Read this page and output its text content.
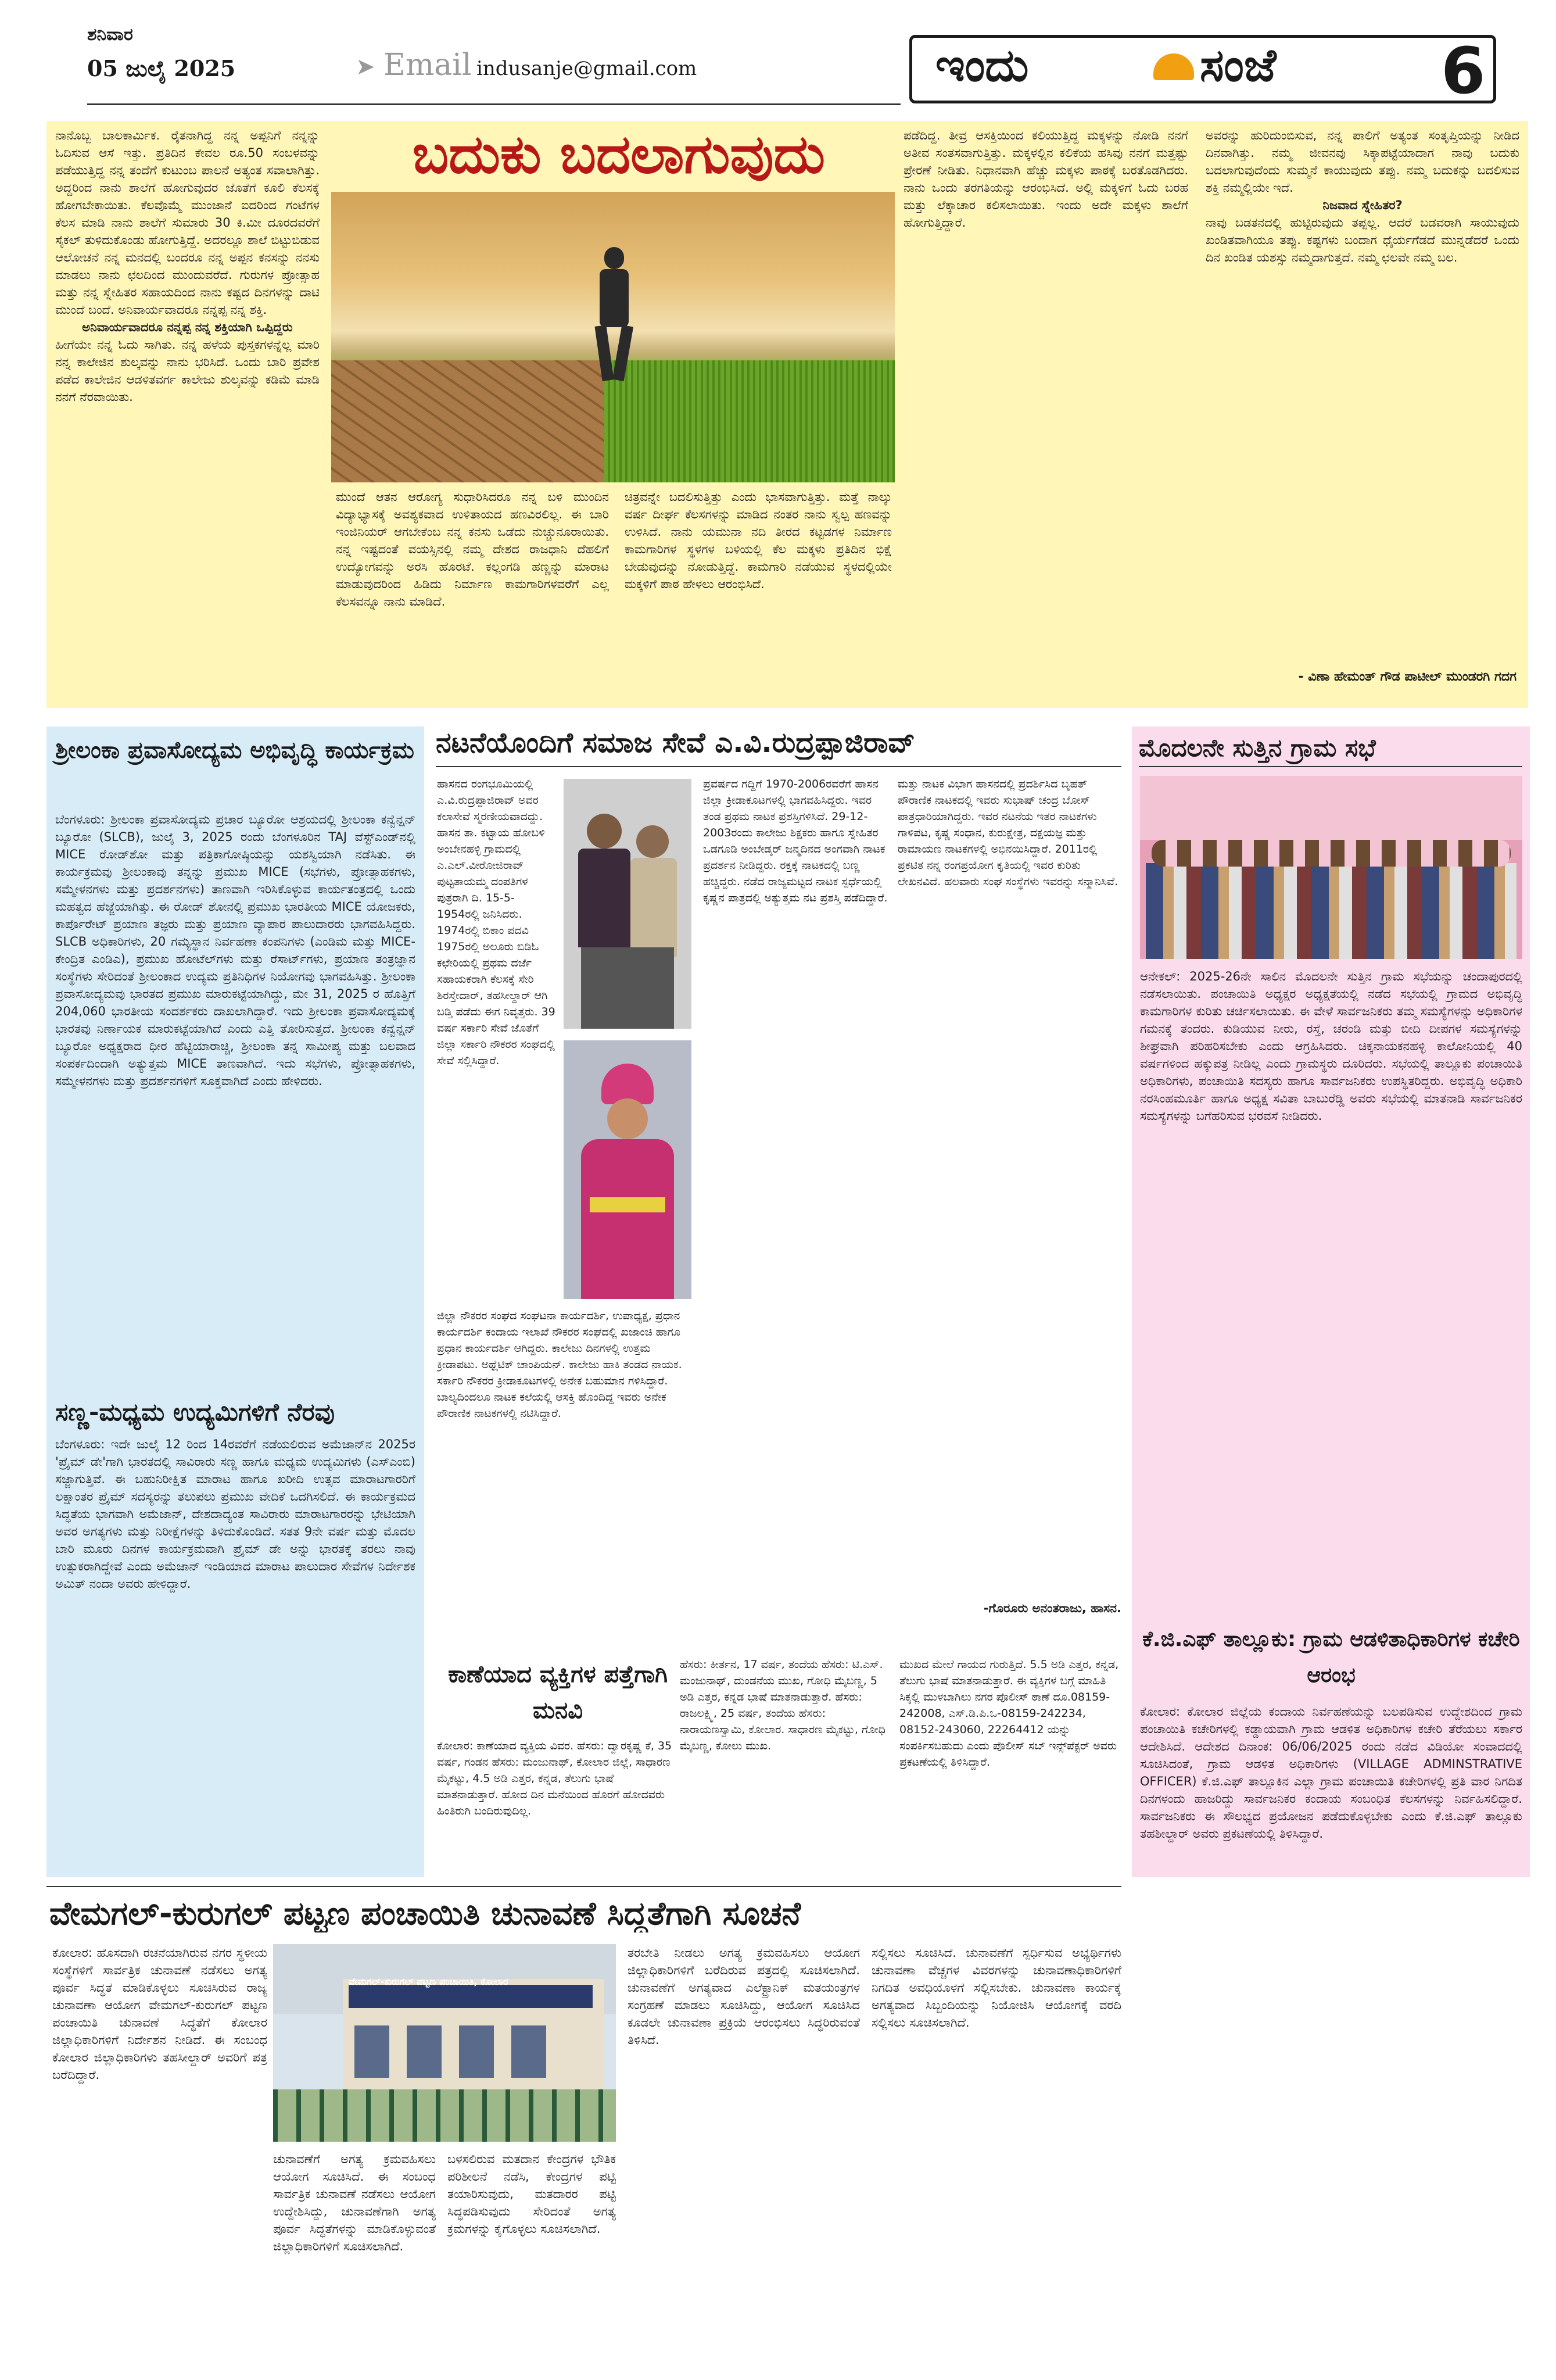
ಶನಿವಾರ
05 ಜುಲೈ 2025	➤ Email indusanje@gmail.com	ಇಂದು	ಸಂಜೆ	6
ನಾನೊಬ್ಬ ಬಾಲಕಾರ್ಮಿಕ. ರೈತನಾಗಿದ್ದ ನನ್ನ ಅಪ್ಪನಿಗೆ ನನ್ನನ್ನು ಓದಿಸುವ ಆಸೆ ಇತ್ತು. ಪ್ರತಿದಿನ ಕೇವಲ ರೂ.50 ಸಂಬಳವನ್ನು ಪಡೆಯುತ್ತಿದ್ದ ನನ್ನ ತಂದೆಗೆ ಕುಟುಂಬ ಪಾಲನೆ ಅತ್ಯಂತ ಸವಾಲಾಗಿತ್ತು. ಅದ್ದರಿಂದ ನಾನು ಶಾಲೆಗೆ ಹೋಗುವುದರ ಜೊತೆಗೆ ಕೂಲಿ ಕೆಲಸಕ್ಕೆ ಹೋಗಬೇಕಾಯಿತು. ಕೆಲವೊಮ್ಮೆ ಮುಂಜಾನೆ ಐದರಿಂದ ಗಂಟೆಗಳ ಕೆಲಸ ಮಾಡಿ ನಾನು ಶಾಲೆಗೆ ಸುಮಾರು 30 ಕಿ.ಮೀ ದೂರದವರೆಗೆ ಸೈಕಲ್ ತುಳಿದುಕೊಂಡು ಹೋಗುತ್ತಿದ್ದೆ. ಅದರಲ್ಲೂ ಶಾಲೆ ಬಿಟ್ಟುಬಿಡುವ ಆಲೋಚನೆ ನನ್ನ ಮನದಲ್ಲಿ ಬಂದರೂ ನನ್ನ ಅಪ್ಪನ ಕನಸನ್ನು ನನಸು ಮಾಡಲು ನಾನು ಛಲದಿಂದ ಮುಂದುವರೆದೆ. ಗುರುಗಳ ಪ್ರೋತ್ಸಾಹ ಮತ್ತು ನನ್ನ ಸ್ನೇಹಿತರ ಸಹಾಯದಿಂದ ನಾನು ಕಷ್ಟದ ದಿನಗಳನ್ನು ದಾಟಿ ಮುಂದೆ ಬಂದೆ. ಅನಿವಾರ್ಯವಾದರೂ ನನ್ನಪ್ಪ ನನ್ನ ಶಕ್ತಿ.

ಅನಿವಾರ್ಯವಾದರೂ ನನ್ನಪ್ಪ ನನ್ನ ಶಕ್ತಿಯಾಗಿ ಒಪ್ಪಿದ್ದರು
ಹೀಗೆಯೇ ನನ್ನ ಓದು ಸಾಗಿತು. ನನ್ನ ಹಳೆಯ ಪುಸ್ತಕಗಳನ್ನೆಲ್ಲ ಮಾರಿ ನನ್ನ ಕಾಲೇಜಿನ ಶುಲ್ಕವನ್ನು ನಾನು ಭರಿಸಿದೆ. ಒಂದು ಬಾರಿ ಪ್ರವೇಶ ಪಡೆದ ಕಾಲೇಜಿನ ಆಡಳಿತವರ್ಗ ಕಾಲೇಜು ಶುಲ್ಕವನ್ನು ಕಡಿಮೆ ಮಾಡಿ ನನಗೆ ನೆರವಾಯಿತು.
ಬದುಕು ಬದಲಾಗುವುದು
ಮುಂದೆ ಆತನ ಆರೋಗ್ಯ ಸುಧಾರಿಸಿದರೂ ನನ್ನ ಬಳಿ ಮುಂದಿನ ವಿದ್ಯಾಭ್ಯಾಸಕ್ಕೆ ಅವಶ್ಯಕವಾದ ಉಳಿತಾಯದ ಹಣವಿರಲಿಲ್ಲ. ಈ ಬಾರಿ ಇಂಜಿನಿಯರ್ ಆಗಬೇಕೆಂಬ ನನ್ನ ಕನಸು ಒಡೆದು ನುಚ್ಚುನೂರಾಯಿತು. ನನ್ನ ಇಷ್ಟದಂತೆ ವಯಸ್ಸಿನಲ್ಲಿ ನಮ್ಮ ದೇಶದ ರಾಜಧಾನಿ ದೆಹಲಿಗೆ ಉದ್ಯೋಗವನ್ನು ಅರಸಿ ಹೊರಟೆ. ಕಲ್ಲಂಗಡಿ ಹಣ್ಣನ್ನು ಮಾರಾಟ ಮಾಡುವುದರಿಂದ ಹಿಡಿದು ನಿರ್ಮಾಣ ಕಾಮಗಾರಿಗಳವರೆಗೆ ಎಲ್ಲ ಕೆಲಸವನ್ನೂ ನಾನು ಮಾಡಿದೆ.
ಚಿತ್ರವನ್ನೇ ಬದಲಿಸುತ್ತಿತ್ತು ಎಂದು ಭಾಸವಾಗುತ್ತಿತ್ತು. ಮತ್ತೆ ನಾಲ್ಕು ವರ್ಷ ದೀರ್ಘ ಕೆಲಸಗಳನ್ನು ಮಾಡಿದ ನಂತರ ನಾನು ಸ್ವಲ್ಪ ಹಣವನ್ನು ಉಳಿಸಿದೆ. ನಾನು ಯಮುನಾ ನದಿ ತೀರದ ಕಟ್ಟಡಗಳ ನಿರ್ಮಾಣ ಕಾಮಗಾರಿಗಳ ಸ್ಥಳಗಳ ಬಳಿಯಲ್ಲಿ ಕೆಲ ಮಕ್ಕಳು ಪ್ರತಿದಿನ ಭಿಕ್ಷೆ ಬೇಡುವುದನ್ನು ನೋಡುತ್ತಿದ್ದೆ. ಕಾಮಗಾರಿ ನಡೆಯುವ ಸ್ಥಳದಲ್ಲಿಯೇ ಮಕ್ಕಳಿಗೆ ಪಾಠ ಹೇಳಲು ಆರಂಭಿಸಿದೆ.
ಪಡೆದಿದ್ದ. ತೀವ್ರ ಆಸಕ್ತಿಯಿಂದ ಕಲಿಯುತ್ತಿದ್ದ ಮಕ್ಕಳನ್ನು ನೋಡಿ ನನಗೆ ಅತೀವ ಸಂತಸವಾಗುತ್ತಿತ್ತು. ಮಕ್ಕಳಲ್ಲಿನ ಕಲಿಕೆಯ ಹಸಿವು ನನಗೆ ಮತ್ತಷ್ಟು ಪ್ರೇರಣೆ ನೀಡಿತು. ನಿಧಾನವಾಗಿ ಹೆಚ್ಚು ಮಕ್ಕಳು ಪಾಠಕ್ಕೆ ಬರತೊಡಗಿದರು. ನಾನು ಒಂದು ತರಗತಿಯನ್ನು ಆರಂಭಿಸಿದೆ. ಅಲ್ಲಿ ಮಕ್ಕಳಿಗೆ ಓದು ಬರಹ ಮತ್ತು ಲೆಕ್ಕಾಚಾರ ಕಲಿಸಲಾಯಿತು. ಇಂದು ಅದೇ ಮಕ್ಕಳು ಶಾಲೆಗೆ ಹೋಗುತ್ತಿದ್ದಾರೆ.
ಅವರನ್ನು ಹುರಿದುಂಬಿಸುವ, ನನ್ನ ಪಾಲಿಗೆ ಅತ್ಯಂತ ಸಂತೃಪ್ತಿಯನ್ನು ನೀಡಿದ ದಿನವಾಗಿತ್ತು. ನಮ್ಮ ಜೀವನವು ಸಿಕ್ಕಾಪಟ್ಟೆಯಾದಾಗ ನಾವು ಬದುಕು ಬದಲಾಗುವುದೆಂದು ಸುಮ್ಮನೆ ಕಾಯುವುದು ತಪ್ಪು. ನಮ್ಮ ಬದುಕನ್ನು ಬದಲಿಸುವ ಶಕ್ತಿ ನಮ್ಮಲ್ಲಿಯೇ ಇದೆ.

ನಿಜವಾದ ಸ್ನೇಹಿತರ?
ನಾವು ಬಡತನದಲ್ಲಿ ಹುಟ್ಟಿರುವುದು ತಪ್ಪಲ್ಲ. ಆದರೆ ಬಡವರಾಗಿ ಸಾಯುವುದು ಖಂಡಿತವಾಗಿಯೂ ತಪ್ಪು. ಕಷ್ಟಗಳು ಬಂದಾಗ ಧೈರ್ಯಗೆಡದೆ ಮುನ್ನಡೆದರೆ ಒಂದು ದಿನ ಖಂಡಿತ ಯಶಸ್ಸು ನಮ್ಮದಾಗುತ್ತದೆ. ನಮ್ಮ ಛಲವೇ ನಮ್ಮ ಬಲ.
- ವಿಣಾ ಹೇಮಂತ್ ಗೌಡ ಪಾಟೀಲ್ ಮುಂಡರಗಿ ಗದಗ
ಶ್ರೀಲಂಕಾ ಪ್ರವಾಸೋದ್ಯಮ ಅಭಿವೃದ್ಧಿ ಕಾರ್ಯಕ್ರಮ
ಬೆಂಗಳೂರು: ಶ್ರೀಲಂಕಾ ಪ್ರವಾಸೋದ್ಯಮ ಪ್ರಚಾರ ಬ್ಯೂರೋ ಆಶ್ರಯದಲ್ಲಿ ಶ್ರೀಲಂಕಾ ಕನ್ವೆನ್ಷನ್ ಬ್ಯೂರೋ (SLCB), ಜುಲೈ 3, 2025 ರಂದು ಬೆಂಗಳೂರಿನ TAJ ವೆಸ್ಟ್‌ಎಂಡ್‌ನಲ್ಲಿ MICE ರೋಡ್‌ಶೋ ಮತ್ತು ಪತ್ರಿಕಾಗೋಷ್ಠಿಯನ್ನು ಯಶಸ್ವಿಯಾಗಿ ನಡೆಸಿತು. ಈ ಕಾರ್ಯಕ್ರಮವು ಶ್ರೀಲಂಕಾವು ತನ್ನನ್ನು ಪ್ರಮುಖ MICE (ಸಭೆಗಳು, ಪ್ರೋತ್ಸಾಹಕಗಳು, ಸಮ್ಮೇಳನಗಳು ಮತ್ತು ಪ್ರದರ್ಶನಗಳು) ತಾಣವಾಗಿ ಇರಿಸಿಕೊಳ್ಳುವ ಕಾರ್ಯತಂತ್ರದಲ್ಲಿ ಒಂದು ಮಹತ್ವದ ಹೆಜ್ಜೆಯಾಗಿತ್ತು. ಈ ರೋಡ್ ಶೋನಲ್ಲಿ ಪ್ರಮುಖ ಭಾರತೀಯ MICE ಯೋಜಕರು, ಕಾರ್ಪೊರೇಟ್ ಪ್ರಯಾಣ ತಜ್ಞರು ಮತ್ತು ಪ್ರಯಾಣ ವ್ಯಾಪಾರ ಪಾಲುದಾರರು ಭಾಗವಹಿಸಿದ್ದರು. SLCB ಅಧಿಕಾರಿಗಳು, 20 ಗಮ್ಯಸ್ಥಾನ ನಿರ್ವಹಣಾ ಕಂಪನಿಗಳು (ಎಂಡಿಮ ಮತ್ತು MICE-ಕೇಂದ್ರಿತ ಎಂಡಿಎ), ಪ್ರಮುಖ ಹೋಟೆಲ್‌ಗಳು ಮತ್ತು ರೆಸಾರ್ಟ್‌ಗಳು, ಪ್ರಯಾಣ ತಂತ್ರಜ್ಞಾನ ಸಂಸ್ಥೆಗಳು ಸೇರಿದಂತೆ ಶ್ರೀಲಂಕಾದ ಉದ್ಯಮ ಪ್ರತಿನಿಧಿಗಳ ನಿಯೋಗವು ಭಾಗವಹಿಸಿತ್ತು. ಶ್ರೀಲಂಕಾ ಪ್ರವಾಸೋದ್ಯಮವು ಭಾರತದ ಪ್ರಮುಖ ಮಾರುಕಟ್ಟೆಯಾಗಿದ್ದು, ಮೇ 31, 2025 ರ ಹೊತ್ತಿಗೆ 204,060 ಭಾರತೀಯ ಸಂದರ್ಶಕರು ದಾಖಲಾಗಿದ್ದಾರೆ. ಇದು ಶ್ರೀಲಂಕಾ ಪ್ರವಾಸೋದ್ಯಮಕ್ಕೆ ಭಾರತವು ನಿರ್ಣಾಯಕ ಮಾರುಕಟ್ಟೆಯಾಗಿದೆ ಎಂದು ಎತ್ತಿ ತೋರಿಸುತ್ತದೆ. ಶ್ರೀಲಂಕಾ ಕನ್ವೆನ್ಷನ್ ಬ್ಯೂರೋ ಅಧ್ಯಕ್ಷರಾದ ಧೀರ ಹೆಟ್ಟಿಯಾರಾಚ್ಚಿ, ಶ್ರೀಲಂಕಾ ತನ್ನ ಸಾಮೀಪ್ಯ ಮತ್ತು ಬಲವಾದ ಸಂಪರ್ಕದಿಂದಾಗಿ ಅತ್ಯುತ್ತಮ MICE ತಾಣವಾಗಿದೆ. ಇದು ಸಭೆಗಳು, ಪ್ರೋತ್ಸಾಹಕಗಳು, ಸಮ್ಮೇಳನಗಳು ಮತ್ತು ಪ್ರದರ್ಶನಗಳಿಗೆ ಸೂಕ್ತವಾಗಿದೆ ಎಂದು ಹೇಳಿದರು.
ಸಣ್ಣ-ಮಧ್ಯಮ ಉದ್ಯಮಿಗಳಿಗೆ ನೆರವು
ಬೆಂಗಳೂರು: ಇದೇ ಜುಲೈ 12 ರಿಂದ 14ರವರೆಗೆ ನಡೆಯಲಿರುವ ಅಮೆಜಾನ್‌ನ 2025ರ 'ಪ್ರೈಮ್ ಡೇ'ಗಾಗಿ ಭಾರತದಲ್ಲಿ ಸಾವಿರಾರು ಸಣ್ಣ ಹಾಗೂ ಮಧ್ಯಮ ಉದ್ಯಮಿಗಳು (ಎಸ್‌ಎಂಬಿ) ಸಜ್ಜಾಗುತ್ತಿವೆ. ಈ ಬಹುನಿರೀಕ್ಷಿತ ಮಾರಾಟ ಹಾಗೂ ಖರೀದಿ ಉತ್ಸವ ಮಾರಾಟಗಾರರಿಗೆ ಲಕ್ಷಾಂತರ ಪ್ರೈಮ್ ಸದಸ್ಯರನ್ನು ತಲುಪಲು ಪ್ರಮುಖ ವೇದಿಕೆ ಒದಗಿಸಲಿದೆ. ಈ ಕಾರ್ಯಕ್ರಮದ ಸಿದ್ಧತೆಯ ಭಾಗವಾಗಿ ಅಮೆಜಾನ್, ದೇಶದಾದ್ಯಂತ ಸಾವಿರಾರು ಮಾರಾಟಗಾರರನ್ನು ಭೇಟಿಯಾಗಿ ಅವರ ಅಗತ್ಯಗಳು ಮತ್ತು ನಿರೀಕ್ಷೆಗಳನ್ನು ತಿಳಿದುಕೊಂಡಿದೆ. ಸತತ 9ನೇ ವರ್ಷ ಮತ್ತು ಮೊದಲ ಬಾರಿ ಮೂರು ದಿನಗಳ ಕಾರ್ಯಕ್ರಮವಾಗಿ ಪ್ರೈಮ್ ಡೇ ಅನ್ನು ಭಾರತಕ್ಕೆ ತರಲು ನಾವು ಉತ್ಸುಕರಾಗಿದ್ದೇವೆ ಎಂದು ಅಮೆಜಾನ್ ಇಂಡಿಯಾದ ಮಾರಾಟ ಪಾಲುದಾರ ಸೇವೆಗಳ ನಿರ್ದೇಶಕ ಅಮಿತ್ ನಂದಾ ಅವರು ಹೇಳಿದ್ದಾರೆ.
ನಟನೆಯೊಂದಿಗೆ ಸಮಾಜ ಸೇವೆ ಎ.ವಿ.ರುದ್ರಪ್ಪಾಜಿರಾವ್
ಹಾಸನದ ರಂಗಭೂಮಿಯಲ್ಲಿ ಎ.ವಿ.ರುದ್ರಪ್ಪಾಜಿರಾವ್ ಅವರ ಕಲಾಸೇವೆ ಸ್ಮರಣೀಯವಾದದ್ದು. ಹಾಸನ ತಾ. ಕಟ್ಟಾಯ ಹೋಬಳಿ ಅಂಬೇನಹಳ್ಳಿ ಗ್ರಾಮದಲ್ಲಿ ಎ.ಎಲ್.ವೀರೋಜಿರಾವ್ ಪುಟ್ಟತಾಯಮ್ಮ ದಂಪತಿಗಳ ಪುತ್ರರಾಗಿ ದಿ. 15-5-1954ರಲ್ಲಿ ಜನಿಸಿದರು. 1974ರಲ್ಲಿ ಬಿಕಾಂ ಪದವಿ 1975ರಲ್ಲಿ ಅಲೂರು ಬಿಡಿಓ ಕಛೇರಿಯಲ್ಲಿ ಪ್ರಥಮ ದರ್ಜೆ ಸಹಾಯಕರಾಗಿ ಕೆಲಸಕ್ಕೆ ಸೇರಿ ಶಿರಸ್ತೇದಾರ್, ತಹಸೀಲ್ದಾರ್ ಆಗಿ ಬಡ್ತಿ ಪಡೆದು ಈಗ ನಿವೃತ್ತರು. 39 ವರ್ಷ ಸರ್ಕಾರಿ ಸೇವೆ ಜೊತೆಗೆ ಜಿಲ್ಲಾ ಸರ್ಕಾರಿ ನೌಕರರ ಸಂಘದಲ್ಲಿ ಸೇವೆ ಸಲ್ಲಿಸಿದ್ದಾರೆ.
ಪ್ರವರ್ಷದ ಗದ್ದಿಗೆ 1970-2006ರವರೆಗೆ ಹಾಸನ ಜಿಲ್ಲಾ ಕ್ರೀಡಾಕೂಟಗಳಲ್ಲಿ ಭಾಗವಹಿಸಿದ್ದರು. ಇವರ ತಂಡ ಪ್ರಥಮ ನಾಟಕ ಪ್ರಶಸ್ತಿಗಳಿಸಿದೆ. 29-12-2003ರಂದು ಕಾಲೇಜು ಶಿಕ್ಷಕರು ಹಾಗೂ ಸ್ನೇಹಿತರ ಒಡಗೂಡಿ ಅಂಬೇಡ್ಕರ್ ಜನ್ಮದಿನದ ಅಂಗವಾಗಿ ನಾಟಕ ಪ್ರದರ್ಶನ ನೀಡಿದ್ದರು. ರಕ್ತಕ್ಕೆ ನಾಟಕದಲ್ಲಿ ಬಣ್ಣ ಹಚ್ಚಿದ್ದರು. ನಡೆದ ರಾಜ್ಯಮಟ್ಟದ ನಾಟಕ ಸ್ಪರ್ಧೆಯಲ್ಲಿ ಕೃಷ್ಣನ ಪಾತ್ರದಲ್ಲಿ ಅತ್ಯುತ್ತಮ ನಟ ಪ್ರಶಸ್ತಿ ಪಡೆದಿದ್ದಾರೆ.
ಜಿಲ್ಲಾ ನೌಕರರ ಸಂಘದ ಸಂಘಟನಾ ಕಾರ್ಯದರ್ಶಿ, ಉಪಾಧ್ಯಕ್ಷ, ಪ್ರಧಾನ ಕಾರ್ಯದರ್ಶಿ ಕಂದಾಯ ಇಲಾಖೆ ನೌಕರರ ಸಂಘದಲ್ಲಿ ಖಜಾಂಚಿ ಹಾಗೂ ಪ್ರಧಾನ ಕಾರ್ಯದರ್ಶಿ ಆಗಿದ್ದರು. ಕಾಲೇಜು ದಿನಗಳಲ್ಲಿ ಉತ್ತಮ ಕ್ರೀಡಾಪಟು. ಅಥ್ಲೆಟಿಕ್ ಚಾಂಪಿಯನ್. ಕಾಲೇಜು ಹಾಕಿ ತಂಡದ ನಾಯಕ. ಸರ್ಕಾರಿ ನೌಕರರ ಕ್ರೀಡಾಕೂಟಗಳಲ್ಲಿ ಅನೇಕ ಬಹುಮಾನ ಗಳಿಸಿದ್ದಾರೆ. ಬಾಲ್ಯದಿಂದಲೂ ನಾಟಕ ಕಲೆಯಲ್ಲಿ ಆಸಕ್ತಿ ಹೊಂದಿದ್ದ ಇವರು ಅನೇಕ ಪೌರಾಣಿಕ ನಾಟಕಗಳಲ್ಲಿ ನಟಿಸಿದ್ದಾರೆ.
ಮತ್ತು ನಾಟಕ ವಿಭಾಗ ಹಾಸನದಲ್ಲಿ ಪ್ರದರ್ಶಿಸಿದ ಬೃಹತ್ ಪೌರಾಣಿಕ ನಾಟಕದಲ್ಲಿ ಇವರು ಸುಭಾಷ್ ಚಂದ್ರ ಬೋಸ್ ಪಾತ್ರಧಾರಿಯಾಗಿದ್ದರು. ಇವರ ನಟನೆಯ ಇತರ ನಾಟಕಗಳು ಗಾಳಿಪಟ, ಕೃಷ್ಣ ಸಂಧಾನ, ಕುರುಕ್ಷೇತ್ರ, ದಕ್ಷಯಜ್ಞ ಮತ್ತು ರಾಮಾಯಣ ನಾಟಕಗಳಲ್ಲಿ ಅಭಿನಯಿಸಿದ್ದಾರೆ. 2011ರಲ್ಲಿ ಪ್ರಕಟಿತ ನನ್ನ ರಂಗಪ್ರಯೋಗ ಕೃತಿಯಲ್ಲಿ ಇವರ ಕುರಿತು ಲೇಖನವಿದೆ. ಹಲವಾರು ಸಂಘ ಸಂಸ್ಥೆಗಳು ಇವರನ್ನು ಸನ್ಮಾನಿಸಿವೆ.
-ಗೊರೂರು ಅನಂತರಾಜು, ಹಾಸನ.
ಕಾಣೆಯಾದ ವ್ಯಕ್ತಿಗಳ ಪತ್ತೆಗಾಗಿ ಮನವಿ
ಕೋಲಾರ: ಕಾಣೆಯಾದ ವ್ಯಕ್ತಿಯ ವಿವರ. ಹೆಸರು: ದ್ವಾರಕೃಷ್ಣ ಕೆ, 35 ವರ್ಷ, ಗಂಡನ ಹೆಸರು: ಮಂಜುನಾಥ್, ಕೋಲಾರ ಜಿಲ್ಲೆ, ಸಾಧಾರಣ ಮೈಕಟ್ಟು, 4.5 ಅಡಿ ಎತ್ತರ, ಕನ್ನಡ, ತೆಲುಗು ಭಾಷೆ ಮಾತನಾಡುತ್ತಾರೆ. ಹೋದ ದಿನ ಮನೆಯಿಂದ ಹೊರಗೆ ಹೋದವರು ಹಿಂತಿರುಗಿ ಬಂದಿರುವುದಿಲ್ಲ.
ಹೆಸರು: ಕೀರ್ತನ, 17 ವರ್ಷ, ತಂದೆಯ ಹೆಸರು: ಟಿ.ಎಸ್. ಮಂಜುನಾಥ್, ದುಂಡನೆಯ ಮುಖ, ಗೋಧಿ ಮೈಬಣ್ಣ, 5 ಅಡಿ ಎತ್ತರ, ಕನ್ನಡ ಭಾಷೆ ಮಾತನಾಡುತ್ತಾರೆ. ಹೆಸರು: ರಾಜಲಕ್ಷ್ಮಿ, 25 ವರ್ಷ, ತಂದೆಯ ಹೆಸರು: ನಾರಾಯಣಸ್ವಾಮಿ, ಕೋಲಾರ. ಸಾಧಾರಣ ಮೈಕಟ್ಟು, ಗೋಧಿ ಮೈಬಣ್ಣ, ಕೋಲು ಮುಖ.
ಮುಖದ ಮೇಲೆ ಗಾಯದ ಗುರುತ್ತಿದೆ. 5.5 ಅಡಿ ಎತ್ತರ, ಕನ್ನಡ, ತೆಲುಗು ಭಾಷೆ ಮಾತನಾಡುತ್ತಾರೆ. ಈ ವ್ಯಕ್ತಿಗಳ ಬಗ್ಗೆ ಮಾಹಿತಿ ಸಿಕ್ಕಲ್ಲಿ ಮುಳಬಾಗಿಲು ನಗರ ಪೊಲೀಸ್ ಠಾಣೆ ದೂ.08159-242008, ಎಸ್.ಡಿ.ಪಿ.ಒ-08159-242234, 08152-243060, 22264412 ಯನ್ನು ಸಂಪರ್ಕಿಸಬಹುದು ಎಂದು ಪೊಲೀಸ್ ಸಬ್ ಇನ್ಸ್‌ಪೆಕ್ಟರ್ ಅವರು ಪ್ರಕಟಣೆಯಲ್ಲಿ ತಿಳಿಸಿದ್ದಾರೆ.
ಮೊದಲನೇ ಸುತ್ತಿನ ಗ್ರಾಮ ಸಭೆ
ಆನೇಕಲ್: 2025-26ನೇ ಸಾಲಿನ ಮೊದಲನೇ ಸುತ್ತಿನ ಗ್ರಾಮ ಸಭೆಯನ್ನು ಚಂದಾಪುರದಲ್ಲಿ ನಡೆಸಲಾಯಿತು. ಪಂಚಾಯಿತಿ ಅಧ್ಯಕ್ಷರ ಅಧ್ಯಕ್ಷತೆಯಲ್ಲಿ ನಡೆದ ಸಭೆಯಲ್ಲಿ ಗ್ರಾಮದ ಅಭಿವೃದ್ಧಿ ಕಾಮಗಾರಿಗಳ ಕುರಿತು ಚರ್ಚಿಸಲಾಯಿತು. ಈ ವೇಳೆ ಸಾರ್ವಜನಿಕರು ತಮ್ಮ ಸಮಸ್ಯೆಗಳನ್ನು ಅಧಿಕಾರಿಗಳ ಗಮನಕ್ಕೆ ತಂದರು. ಕುಡಿಯುವ ನೀರು, ರಸ್ತೆ, ಚರಂಡಿ ಮತ್ತು ಬೀದಿ ದೀಪಗಳ ಸಮಸ್ಯೆಗಳನ್ನು ಶೀಘ್ರವಾಗಿ ಪರಿಹರಿಸಬೇಕು ಎಂದು ಆಗ್ರಹಿಸಿದರು. ಚಿಕ್ಕನಾಯಕನಹಳ್ಳಿ ಕಾಲೋನಿಯಲ್ಲಿ 40 ವರ್ಷಗಳಿಂದ ಹಕ್ಕುಪತ್ರ ನೀಡಿಲ್ಲ ಎಂದು ಗ್ರಾಮಸ್ಥರು ದೂರಿದರು. ಸಭೆಯಲ್ಲಿ ತಾಲ್ಲೂಕು ಪಂಚಾಯಿತಿ ಅಧಿಕಾರಿಗಳು, ಪಂಚಾಯಿತಿ ಸದಸ್ಯರು ಹಾಗೂ ಸಾರ್ವಜನಿಕರು ಉಪಸ್ಥಿತರಿದ್ದರು. ಅಭಿವೃದ್ಧಿ ಅಧಿಕಾರಿ ನರಸಿಂಹಮೂರ್ತಿ ಹಾಗೂ ಅಧ್ಯಕ್ಷ ಸವಿತಾ ಬಾಬುರೆಡ್ಡಿ ಅವರು ಸಭೆಯಲ್ಲಿ ಮಾತನಾಡಿ ಸಾರ್ವಜನಿಕರ ಸಮಸ್ಯೆಗಳನ್ನು ಬಗೆಹರಿಸುವ ಭರವಸೆ ನೀಡಿದರು.
ಕೆ.ಜಿ.ಎಫ್ ತಾಲ್ಲೂಕು: ಗ್ರಾಮ ಆಡಳಿತಾಧಿಕಾರಿಗಳ ಕಚೇರಿ ಆರಂಭ
ಕೋಲಾರ: ಕೋಲಾರ ಜಿಲ್ಲೆಯ ಕಂದಾಯ ನಿರ್ವಹಣೆಯನ್ನು ಬಲಪಡಿಸುವ ಉದ್ದೇಶದಿಂದ ಗ್ರಾಮ ಪಂಚಾಯಿತಿ ಕಚೇರಿಗಳಲ್ಲಿ ಕಡ್ಡಾಯವಾಗಿ ಗ್ರಾಮ ಆಡಳಿತ ಅಧಿಕಾರಿಗಳ ಕಚೇರಿ ತೆರೆಯಲು ಸರ್ಕಾರ ಆದೇಶಿಸಿದೆ. ಆದೇಶದ ದಿನಾಂಕ: 06/06/2025 ರಂದು ನಡೆದ ವಿಡಿಯೋ ಸಂವಾದದಲ್ಲಿ ಸೂಚಿಸಿದಂತೆ, ಗ್ರಾಮ ಆಡಳಿತ ಅಧಿಕಾರಿಗಳು (VILLAGE ADMINSTRATIVE OFFICER) ಕೆ.ಜಿ.ಎಫ್ ತಾಲ್ಲೂಕಿನ ಎಲ್ಲಾ ಗ್ರಾಮ ಪಂಚಾಯಿತಿ ಕಚೇರಿಗಳಲ್ಲಿ ಪ್ರತಿ ವಾರ ನಿಗದಿತ ದಿನಗಳಂದು ಹಾಜರಿದ್ದು ಸಾರ್ವಜನಿಕರ ಕಂದಾಯ ಸಂಬಂಧಿತ ಕೆಲಸಗಳನ್ನು ನಿರ್ವಹಿಸಲಿದ್ದಾರೆ. ಸಾರ್ವಜನಿಕರು ಈ ಸೌಲಭ್ಯದ ಪ್ರಯೋಜನ ಪಡೆದುಕೊಳ್ಳಬೇಕು ಎಂದು ಕೆ.ಜಿ.ಎಫ್ ತಾಲ್ಲೂಕು ತಹಶೀಲ್ದಾರ್ ಅವರು ಪ್ರಕಟಣೆಯಲ್ಲಿ ತಿಳಿಸಿದ್ದಾರೆ.
ವೇಮಗಲ್-ಕುರುಗಲ್ ಪಟ್ಟಣ ಪಂಚಾಯಿತಿ ಚುನಾವಣೆ ಸಿದ್ಧತೆಗಾಗಿ ಸೂಚನೆ
ಕೋಲಾರ: ಹೊಸದಾಗಿ ರಚನೆಯಾಗಿರುವ ನಗರ ಸ್ಥಳೀಯ ಸಂಸ್ಥೆಗಳಿಗೆ ಸಾರ್ವತ್ರಿಕ ಚುನಾವಣೆ ನಡೆಸಲು ಅಗತ್ಯ ಪೂರ್ವ ಸಿದ್ಧತೆ ಮಾಡಿಕೊಳ್ಳಲು ಸೂಚಿಸಿರುವ ರಾಜ್ಯ ಚುನಾವಣಾ ಆಯೋಗ ವೇಮಗಲ್-ಕುರುಗಲ್ ಪಟ್ಟಣ ಪಂಚಾಯಿತಿ ಚುನಾವಣೆ ಸಿದ್ಧತೆಗೆ ಕೋಲಾರ ಜಿಲ್ಲಾಧಿಕಾರಿಗಳಿಗೆ ನಿರ್ದೇಶನ ನೀಡಿದೆ. ಈ ಸಂಬಂಧ ಕೋಲಾರ ಜಿಲ್ಲಾಧಿಕಾರಿಗಳು ತಹಸೀಲ್ದಾರ್ ಅವರಿಗೆ ಪತ್ರ ಬರೆದಿದ್ದಾರೆ.
ವೇಮಗಲ್-ಕುರುಗಲ್ ಪಟ್ಟಣ ಪಂಚಾಯಿತಿ, ಕೋಲಾರ
ಚುನಾವಣೆಗೆ ಅಗತ್ಯ ಕ್ರಮವಹಿಸಲು ಆಯೋಗ ಸೂಚಿಸಿದೆ. ಈ ಸಂಬಂಧ ಸಾರ್ವತ್ರಿಕ ಚುನಾವಣೆ ನಡೆಸಲು ಆಯೋಗ ಉದ್ದೇಶಿಸಿದ್ದು, ಚುನಾವಣೆಗಾಗಿ ಅಗತ್ಯ ಪೂರ್ವ ಸಿದ್ಧತೆಗಳನ್ನು ಮಾಡಿಕೊಳ್ಳುವಂತೆ ಜಿಲ್ಲಾಧಿಕಾರಿಗಳಿಗೆ ಸೂಚಿಸಲಾಗಿದೆ.
ಬಳಸಲಿರುವ ಮತದಾನ ಕೇಂದ್ರಗಳ ಭೌತಿಕ ಪರಿಶೀಲನೆ ನಡೆಸಿ, ಕೇಂದ್ರಗಳ ಪಟ್ಟಿ ತಯಾರಿಸುವುದು, ಮತದಾರರ ಪಟ್ಟಿ ಸಿದ್ಧಪಡಿಸುವುದು ಸೇರಿದಂತೆ ಅಗತ್ಯ ಕ್ರಮಗಳನ್ನು ಕೈಗೊಳ್ಳಲು ಸೂಚಿಸಲಾಗಿದೆ.
ತರಬೇತಿ ನೀಡಲು ಅಗತ್ಯ ಕ್ರಮವಹಿಸಲು ಆಯೋಗ ಜಿಲ್ಲಾಧಿಕಾರಿಗಳಿಗೆ ಬರೆದಿರುವ ಪತ್ರದಲ್ಲಿ ಸೂಚಿಸಲಾಗಿದೆ. ಚುನಾವಣೆಗೆ ಅಗತ್ಯವಾದ ಎಲೆಕ್ಟ್ರಾನಿಕ್ ಮತಯಂತ್ರಗಳ ಸಂಗ್ರಹಣೆ ಮಾಡಲು ಸೂಚಿಸಿದ್ದು, ಆಯೋಗ ಸೂಚಿಸಿದ ಕೂಡಲೇ ಚುನಾವಣಾ ಪ್ರಕ್ರಿಯೆ ಆರಂಭಿಸಲು ಸಿದ್ಧರಿರುವಂತೆ ತಿಳಿಸಿದೆ.
ಸಲ್ಲಿಸಲು ಸೂಚಿಸಿದೆ. ಚುನಾವಣೆಗೆ ಸ್ಪರ್ಧಿಸುವ ಅಭ್ಯರ್ಥಿಗಳು ಚುನಾವಣಾ ವೆಚ್ಚಗಳ ವಿವರಗಳನ್ನು ಚುನಾವಣಾಧಿಕಾರಿಗಳಿಗೆ ನಿಗದಿತ ಅವಧಿಯೊಳಗೆ ಸಲ್ಲಿಸಬೇಕು. ಚುನಾವಣಾ ಕಾರ್ಯಕ್ಕೆ ಅಗತ್ಯವಾದ ಸಿಬ್ಬಂದಿಯನ್ನು ನಿಯೋಜಿಸಿ ಆಯೋಗಕ್ಕೆ ವರದಿ ಸಲ್ಲಿಸಲು ಸೂಚಿಸಲಾಗಿದೆ.
